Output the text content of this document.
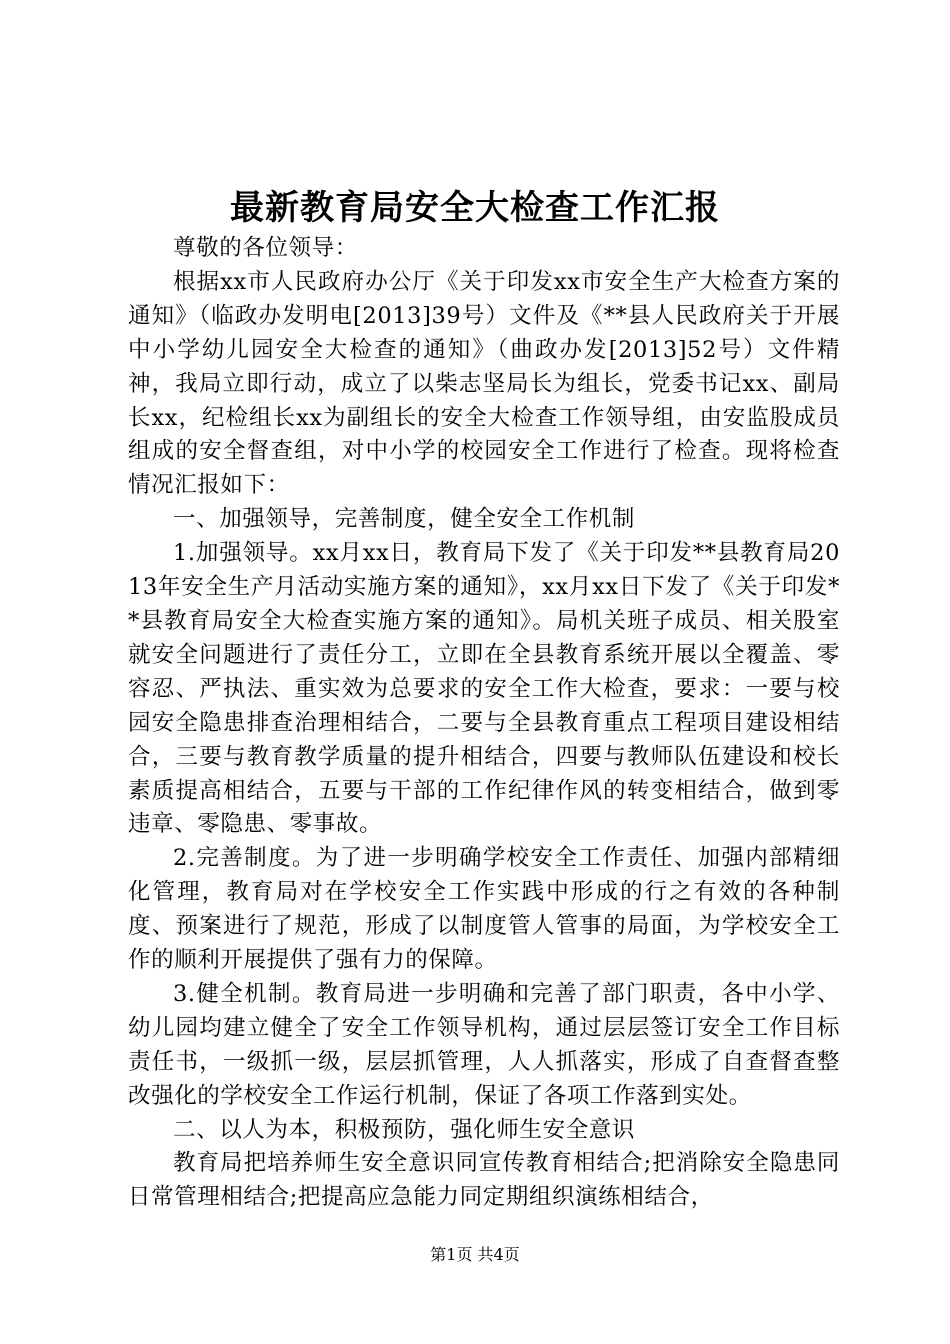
最新教育局安全大检查工作汇报

尊敬的各位领导：

根据xx市人民政府办公厅《关于印发xx市安全生产大检查方案的通知》（临政办发明电[2013]39号）文件及《**县人民政府关于开展中小学幼儿园安全大检查的通知》（曲政办发[2013]52号）文件精神，我局立即行动，成立了以柴志坚局长为组长，党委书记xx、副局长xx，纪检组长xx为副组长的安全大检查工作领导组，由安监股成员组成的安全督查组，对中小学的校园安全工作进行了检查。现将检查情况汇报如下：

一、加强领导，完善制度，健全安全工作机制

1.加强领导。xx月xx日，教育局下发了《关于印发**县教育局2013年安全生产月活动实施方案的通知》，xx月xx日下发了《关于印发**县教育局安全大检查实施方案的通知》。局机关班子成员、相关股室就安全问题进行了责任分工，立即在全县教育系统开展以全覆盖、零容忍、严执法、重实效为总要求的安全工作大检查，要求：一要与校园安全隐患排查治理相结合，二要与全县教育重点工程项目建设相结合，三要与教育教学质量的提升相结合，四要与教师队伍建设和校长素质提高相结合，五要与干部的工作纪律作风的转变相结合，做到零违章、零隐患、零事故。

2.完善制度。为了进一步明确学校安全工作责任、加强内部精细化管理，教育局对在学校安全工作实践中形成的行之有效的各种制度、预案进行了规范，形成了以制度管人管事的局面，为学校安全工作的顺利开展提供了强有力的保障。

3.健全机制。教育局进一步明确和完善了部门职责，各中小学、幼儿园均建立健全了安全工作领导机构，通过层层签订安全工作目标责任书，一级抓一级，层层抓管理，人人抓落实，形成了自查督查整改强化的学校安全工作运行机制，保证了各项工作落到实处。

二、以人为本，积极预防，强化师生安全意识

教育局把培养师生安全意识同宣传教育相结合;把消除安全隐患同日常管理相结合;把提高应急能力同定期组织演练相结合，

第1页 共4页
